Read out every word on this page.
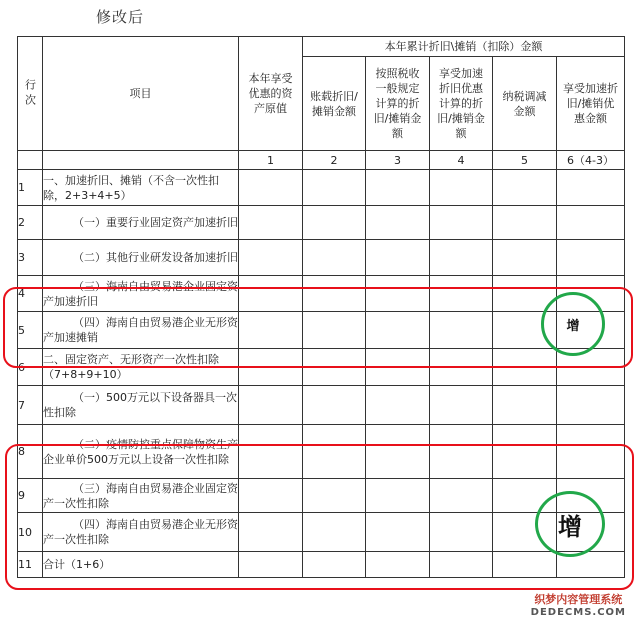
修改后
行次	项目	本年享受优惠的资产原值	本年累计折旧\摊销（扣除）金额				
			账载折旧/摊销金额	按照税收一般规定计算的折旧/摊销金额	享受加速折旧优惠计算的折旧/摊销金额	纳税调减金额	享受加速折旧/摊销优惠金额
		1	2	3	4	5	6（4-3）
1	一、加速折旧、摊销（不含一次性扣除，2+3+4+5）						
2	（一）重要行业固定资产加速折旧						

3	（二）其他行业研发设备加速折旧						

4	（三）海南自由贸易港企业固定资产加速折旧						

5	（四）海南自由贸易港企业无形资产加速摊销						

6	二、固定资产、无形资产一次性扣除（7+8+9+10）						
7	（一）500万元以下设备器具一次性扣除						

8	（二）疫情防控重点保障物资生产企业单价500万元以上设备一次性扣除						

9	（三）海南自由贸易港企业固定资产一次性扣除						

10	（四）海南自由贸易港企业无形资产一次性扣除						

11	合计（1+6）						
增
增
织梦内容管理系统
DEDECMS.COM
